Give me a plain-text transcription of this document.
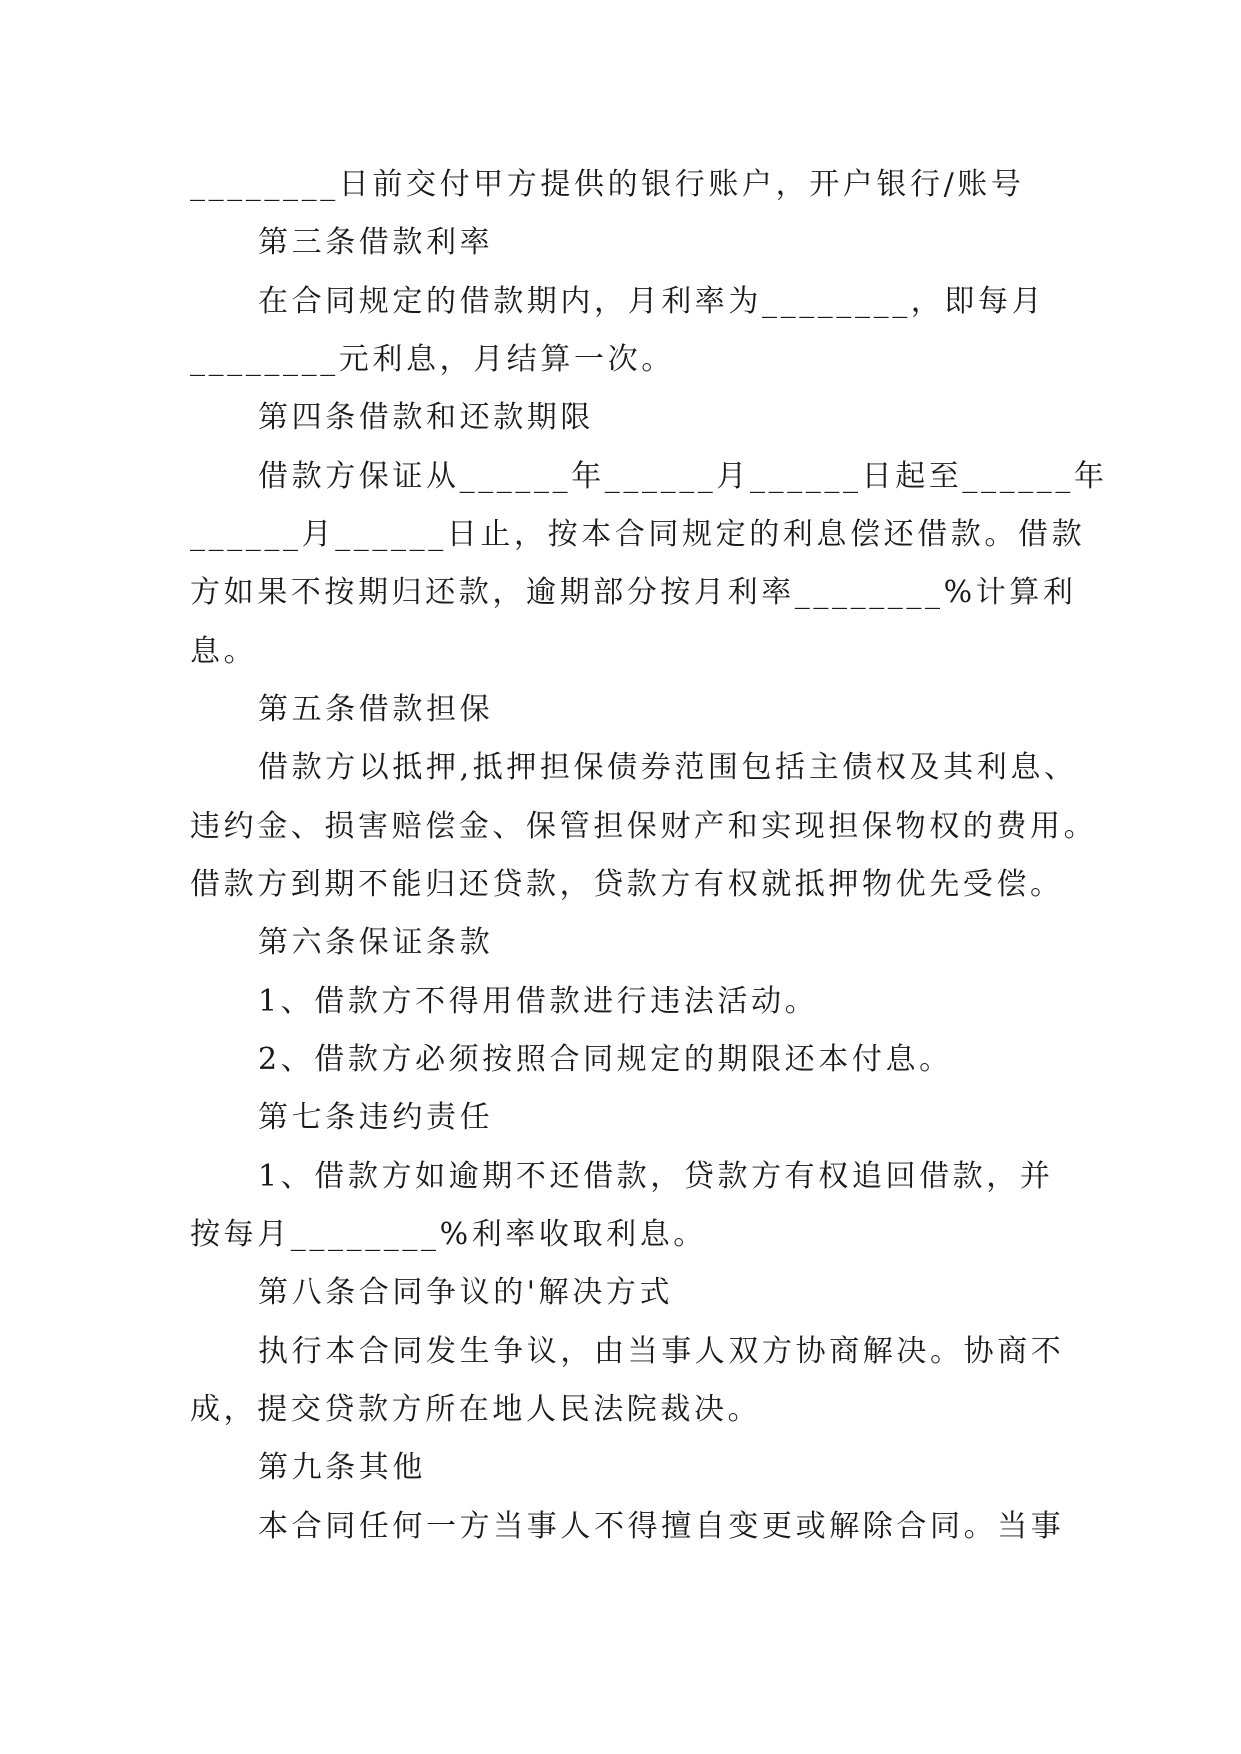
________日前交付甲方提供的银行账户，开户银行/账号
第三条借款利率
在合同规定的借款期内，月利率为________，即每月
________元利息，月结算一次。
第四条借款和还款期限
借款方保证从______年______月______日起至______年
______月______日止，按本合同规定的利息偿还借款。借款
方如果不按期归还款，逾期部分按月利率________%计算利
息。
第五条借款担保
借款方以抵押,抵押担保债券范围包括主债权及其利息、
违约金、损害赔偿金、保管担保财产和实现担保物权的费用。
借款方到期不能归还贷款，贷款方有权就抵押物优先受偿。
第六条保证条款
1、借款方不得用借款进行违法活动。
2、借款方必须按照合同规定的期限还本付息。
第七条违约责任
1、借款方如逾期不还借款，贷款方有权追回借款，并
按每月________%利率收取利息。
第八条合同争议的'解决方式
执行本合同发生争议，由当事人双方协商解决。协商不
成，提交贷款方所在地人民法院裁决。
第九条其他
本合同任何一方当事人不得擅自变更或解除合同。当事
